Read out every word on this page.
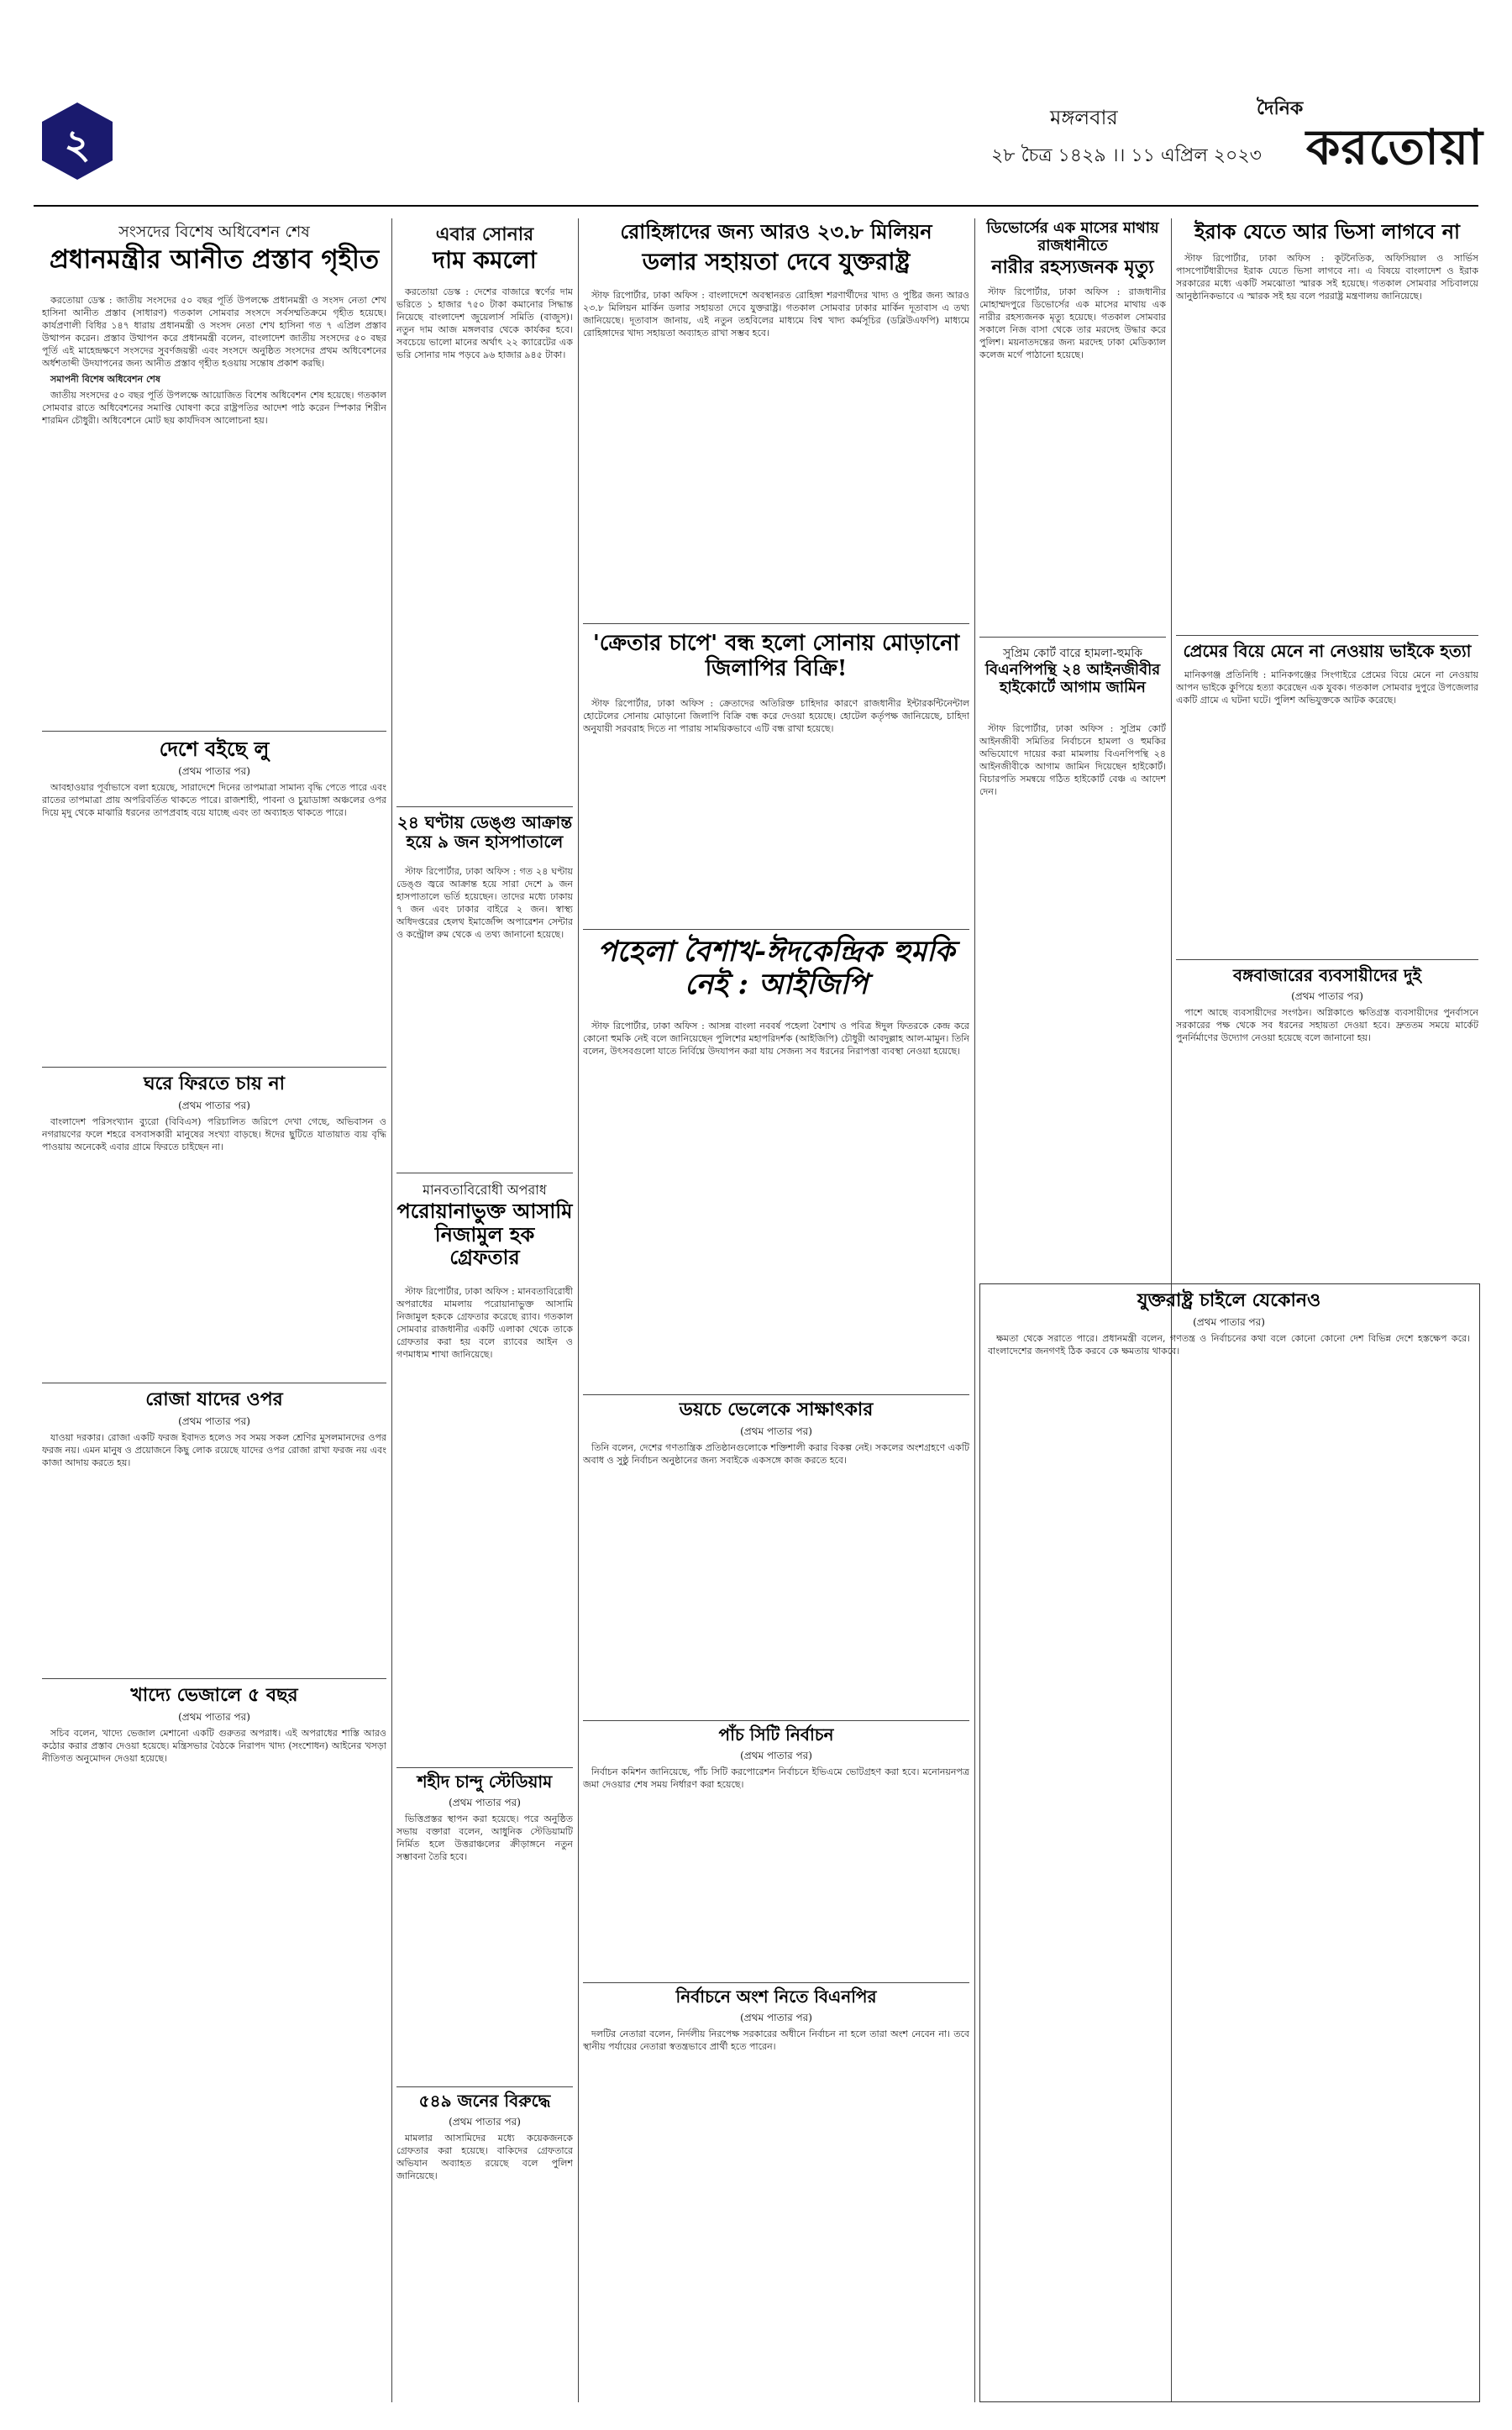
২
মঙ্গলবার
২৮ চৈত্র ১৪২৯ ।। ১১ এপ্রিল ২০২৩
দৈনিক
করতোয়া
সংসদের বিশেষ অধিবেশন শেষ
প্রধানমন্ত্রীর আনীত প্রস্তাব গৃহীত

করতোয়া ডেস্ক : জাতীয় সংসদের ৫০ বছর পূর্তি উপলক্ষে প্রধানমন্ত্রী ও সংসদ নেতা শেখ হাসিনা আনীত প্রস্তাব (সাধারণ) গতকাল সোমবার সংসদে সর্বসম্মতিক্রমে গৃহীত হয়েছে। কার্যপ্রণালী বিধির ১৪৭ ধারায় প্রধানমন্ত্রী ও সংসদ নেতা শেখ হাসিনা গত ৭ এপ্রিল প্রস্তাব উত্থাপন করেন। প্রস্তাব উত্থাপন করে প্রধানমন্ত্রী বলেন, বাংলাদেশ জাতীয় সংসদের ৫০ বছর পূর্তি এই মাহেন্দ্রক্ষণে সংসদের সুবর্ণজয়ন্তী এবং সংসদে অনুষ্ঠিত সংসদের প্রথম অধিবেশনের অর্ধশতাব্দী উদযাপনের জন্য আনীত প্রস্তাব গৃহীত হওয়ায় সন্তোষ প্রকাশ করছি।

সমাপনী বিশেষ অধিবেশন শেষ

জাতীয় সংসদের ৫০ বছর পূর্তি উপলক্ষে আয়োজিত বিশেষ অধিবেশন শেষ হয়েছে। গতকাল সোমবার রাতে অধিবেশনের সমাপ্তি ঘোষণা করে রাষ্ট্রপতির আদেশ পাঠ করেন স্পিকার শিরীন শারমিন চৌধুরী। অধিবেশনে মোট ছয় কার্যদিবস আলোচনা হয়।

দেশে বইছে লু
(প্রথম পাতার পর)

আবহাওয়ার পূর্বাভাসে বলা হয়েছে, সারাদেশে দিনের তাপমাত্রা সামান্য বৃদ্ধি পেতে পারে এবং রাতের তাপমাত্রা প্রায় অপরিবর্তিত থাকতে পারে। রাজশাহী, পাবনা ও চুয়াডাঙ্গা অঞ্চলের ওপর দিয়ে মৃদু থেকে মাঝারি ধরনের তাপপ্রবাহ বয়ে যাচ্ছে এবং তা অব্যাহত থাকতে পারে।

ঘরে ফিরতে চায় না
(প্রথম পাতার পর)

বাংলাদেশ পরিসংখ্যান ব্যুরো (বিবিএস) পরিচালিত জরিপে দেখা গেছে, অভিবাসন ও নগরায়ণের ফলে শহরে বসবাসকারী মানুষের সংখ্যা বাড়ছে। ঈদের ছুটিতে যাতায়াত ব্যয় বৃদ্ধি পাওয়ায় অনেকেই এবার গ্রামে ফিরতে চাইছেন না।

রোজা যাদের ওপর
(প্রথম পাতার পর)

যাওয়া দরকার। রোজা একটি ফরজ ইবাদত হলেও সব সময় সকল শ্রেণির মুসলমানদের ওপর ফরজ নয়। এমন মানুষ ও প্রয়োজনে কিছু লোক রয়েছে যাদের ওপর রোজা রাখা ফরজ নয় এবং কাজা আদায় করতে হয়।

খাদ্যে ভেজালে ৫ বছর
(প্রথম পাতার পর)

সচিব বলেন, খাদ্যে ভেজাল মেশানো একটি গুরুতর অপরাধ। এই অপরাধের শাস্তি আরও কঠোর করার প্রস্তাব দেওয়া হয়েছে। মন্ত্রিসভার বৈঠকে নিরাপদ খাদ্য (সংশোধন) আইনের খসড়া নীতিগত অনুমোদন দেওয়া হয়েছে।

এবার সোনার
দাম কমলো

করতোয়া ডেস্ক : দেশের বাজারে স্বর্ণের দাম ভরিতে ১ হাজার ৭৫০ টাকা কমানোর সিদ্ধান্ত নিয়েছে বাংলাদেশ জুয়েলার্স সমিতি (বাজুস)। নতুন দাম আজ মঙ্গলবার থেকে কার্যকর হবে। সবচেয়ে ভালো মানের অর্থাৎ ২২ ক্যারেটের এক ভরি সোনার দাম পড়বে ৯৬ হাজার ৯৪৫ টাকা।

২৪ ঘণ্টায় ডেঙ্গু আক্রান্ত হয়ে ৯ জন হাসপাতালে

স্টাফ রিপোর্টার, ঢাকা অফিস : গত ২৪ ঘণ্টায় ডেঙ্গু জ্বরে আক্রান্ত হয়ে সারা দেশে ৯ জন হাসপাতালে ভর্তি হয়েছেন। তাদের মধ্যে ঢাকায় ৭ জন এবং ঢাকার বাইরে ২ জন। স্বাস্থ্য অধিদপ্তরের হেলথ ইমার্জেন্সি অপারেশন সেন্টার ও কন্ট্রোল রুম থেকে এ তথ্য জানানো হয়েছে।

মানবতাবিরোধী অপরাধ
পরোয়ানাভুক্ত আসামি নিজামুল হক গ্রেফতার

স্টাফ রিপোর্টার, ঢাকা অফিস : মানবতাবিরোধী অপরাধের মামলায় পরোয়ানাভুক্ত আসামি নিজামুল হককে গ্রেফতার করেছে র‌্যাব। গতকাল সোমবার রাজধানীর একটি এলাকা থেকে তাকে গ্রেফতার করা হয় বলে র‌্যাবের আইন ও গণমাধ্যম শাখা জানিয়েছে।

শহীদ চান্দু স্টেডিয়াম
(প্রথম পাতার পর)

ভিত্তিপ্রস্তর স্থাপন করা হয়েছে। পরে অনুষ্ঠিত সভায় বক্তারা বলেন, আধুনিক স্টেডিয়ামটি নির্মিত হলে উত্তরাঞ্চলের ক্রীড়াঙ্গনে নতুন সম্ভাবনা তৈরি হবে।

৫৪৯ জনের বিরুদ্ধে
(প্রথম পাতার পর)

মামলার আসামিদের মধ্যে কয়েকজনকে গ্রেফতার করা হয়েছে। বাকিদের গ্রেফতারে অভিযান অব্যাহত রয়েছে বলে পুলিশ জানিয়েছে।

রোহিঙ্গাদের জন্য আরও ২৩.৮ মিলিয়ন
ডলার সহায়তা দেবে যুক্তরাষ্ট্র

স্টাফ রিপোর্টার, ঢাকা অফিস : বাংলাদেশে অবস্থানরত রোহিঙ্গা শরণার্থীদের খাদ্য ও পুষ্টির জন্য আরও ২৩.৮ মিলিয়ন মার্কিন ডলার সহায়তা দেবে যুক্তরাষ্ট্র। গতকাল সোমবার ঢাকার মার্কিন দূতাবাস এ তথ্য জানিয়েছে। দূতাবাস জানায়, এই নতুন তহবিলের মাধ্যমে বিশ্ব খাদ্য কর্মসূচির (ডব্লিউএফপি) মাধ্যমে রোহিঙ্গাদের খাদ্য সহায়তা অব্যাহত রাখা সম্ভব হবে।

'ক্রেতার চাপে' বন্ধ হলো সোনায় মোড়ানো জিলাপির বিক্রি!

স্টাফ রিপোর্টার, ঢাকা অফিস : ক্রেতাদের অতিরিক্ত চাহিদার কারণে রাজধানীর ইন্টারকন্টিনেন্টাল হোটেলের সোনায় মোড়ানো জিলাপি বিক্রি বন্ধ করে দেওয়া হয়েছে। হোটেল কর্তৃপক্ষ জানিয়েছে, চাহিদা অনুযায়ী সরবরাহ দিতে না পারায় সাময়িকভাবে এটি বন্ধ রাখা হয়েছে।

পহেলা বৈশাখ-ঈদকেন্দ্রিক হুমকি নেই : আইজিপি

স্টাফ রিপোর্টার, ঢাকা অফিস : আসন্ন বাংলা নববর্ষ পহেলা বৈশাখ ও পবিত্র ঈদুল ফিতরকে কেন্দ্র করে কোনো হুমকি নেই বলে জানিয়েছেন পুলিশের মহাপরিদর্শক (আইজিপি) চৌধুরী আবদুল্লাহ আল-মামুন। তিনি বলেন, উৎসবগুলো যাতে নির্বিঘ্নে উদযাপন করা যায় সেজন্য সব ধরনের নিরাপত্তা ব্যবস্থা নেওয়া হয়েছে।

ডয়চে ভেলেকে সাক্ষাৎকার
(প্রথম পাতার পর)

তিনি বলেন, দেশের গণতান্ত্রিক প্রতিষ্ঠানগুলোকে শক্তিশালী করার বিকল্প নেই। সকলের অংশগ্রহণে একটি অবাধ ও সুষ্ঠু নির্বাচন অনুষ্ঠানের জন্য সবাইকে একসঙ্গে কাজ করতে হবে।

পাঁচ সিটি নির্বাচন
(প্রথম পাতার পর)

নির্বাচন কমিশন জানিয়েছে, পাঁচ সিটি করপোরেশন নির্বাচনে ইভিএমে ভোটগ্রহণ করা হবে। মনোনয়নপত্র জমা দেওয়ার শেষ সময় নির্ধারণ করা হয়েছে।

নির্বাচনে অংশ নিতে বিএনপির
(প্রথম পাতার পর)

দলটির নেতারা বলেন, নির্দলীয় নিরপেক্ষ সরকারের অধীনে নির্বাচন না হলে তারা অংশ নেবেন না। তবে স্থানীয় পর্যায়ের নেতারা স্বতন্ত্রভাবে প্রার্থী হতে পারেন।

ডিভোর্সের এক মাসের মাথায় রাজধানীতে
নারীর রহস্যজনক মৃত্যু

স্টাফ রিপোর্টার, ঢাকা অফিস : রাজধানীর মোহাম্মদপুরে ডিভোর্সের এক মাসের মাথায় এক নারীর রহস্যজনক মৃত্যু হয়েছে। গতকাল সোমবার সকালে নিজ বাসা থেকে তার মরদেহ উদ্ধার করে পুলিশ। ময়নাতদন্তের জন্য মরদেহ ঢাকা মেডিক্যাল কলেজ মর্গে পাঠানো হয়েছে।

সুপ্রিম কোর্ট বারে হামলা-হুমকি
বিএনপিপন্থি ২৪ আইনজীবীর হাইকোর্টে আগাম জামিন

স্টাফ রিপোর্টার, ঢাকা অফিস : সুপ্রিম কোর্ট আইনজীবী সমিতির নির্বাচনে হামলা ও হুমকির অভিযোগে দায়ের করা মামলায় বিএনপিপন্থি ২৪ আইনজীবীকে আগাম জামিন দিয়েছেন হাইকোর্ট। বিচারপতি সমন্বয়ে গঠিত হাইকোর্ট বেঞ্চ এ আদেশ দেন।

ইরাক যেতে আর ভিসা লাগবে না

স্টাফ রিপোর্টার, ঢাকা অফিস : কূটনৈতিক, অফিসিয়াল ও সার্ভিস পাসপোর্টধারীদের ইরাক যেতে ভিসা লাগবে না। এ বিষয়ে বাংলাদেশ ও ইরাক সরকারের মধ্যে একটি সমঝোতা স্মারক সই হয়েছে। গতকাল সোমবার সচিবালয়ে আনুষ্ঠানিকভাবে এ স্মারক সই হয় বলে পররাষ্ট্র মন্ত্রণালয় জানিয়েছে।

প্রেমের বিয়ে মেনে না নেওয়ায় ভাইকে হত্যা

মানিকগঞ্জ প্রতিনিধি : মানিকগঞ্জের সিংগাইরে প্রেমের বিয়ে মেনে না নেওয়ায় আপন ভাইকে কুপিয়ে হত্যা করেছেন এক যুবক। গতকাল সোমবার দুপুরে উপজেলার একটি গ্রামে এ ঘটনা ঘটে। পুলিশ অভিযুক্তকে আটক করেছে।

বঙ্গবাজারের ব্যবসায়ীদের দুই
(প্রথম পাতার পর)

পাশে আছে ব্যবসায়ীদের সংগঠন। অগ্নিকাণ্ডে ক্ষতিগ্রস্ত ব্যবসায়ীদের পুনর্বাসনে সরকারের পক্ষ থেকে সব ধরনের সহায়তা দেওয়া হবে। দ্রুততম সময়ে মার্কেট পুনর্নির্মাণের উদ্যোগ নেওয়া হয়েছে বলে জানানো হয়।

যুক্তরাষ্ট্র চাইলে যেকোনও
(প্রথম পাতার পর)

ক্ষমতা থেকে সরাতে পারে। প্রধানমন্ত্রী বলেন, গণতন্ত্র ও নির্বাচনের কথা বলে কোনো কোনো দেশ বিভিন্ন দেশে হস্তক্ষেপ করে। বাংলাদেশের জনগণই ঠিক করবে কে ক্ষমতায় থাকবে।
